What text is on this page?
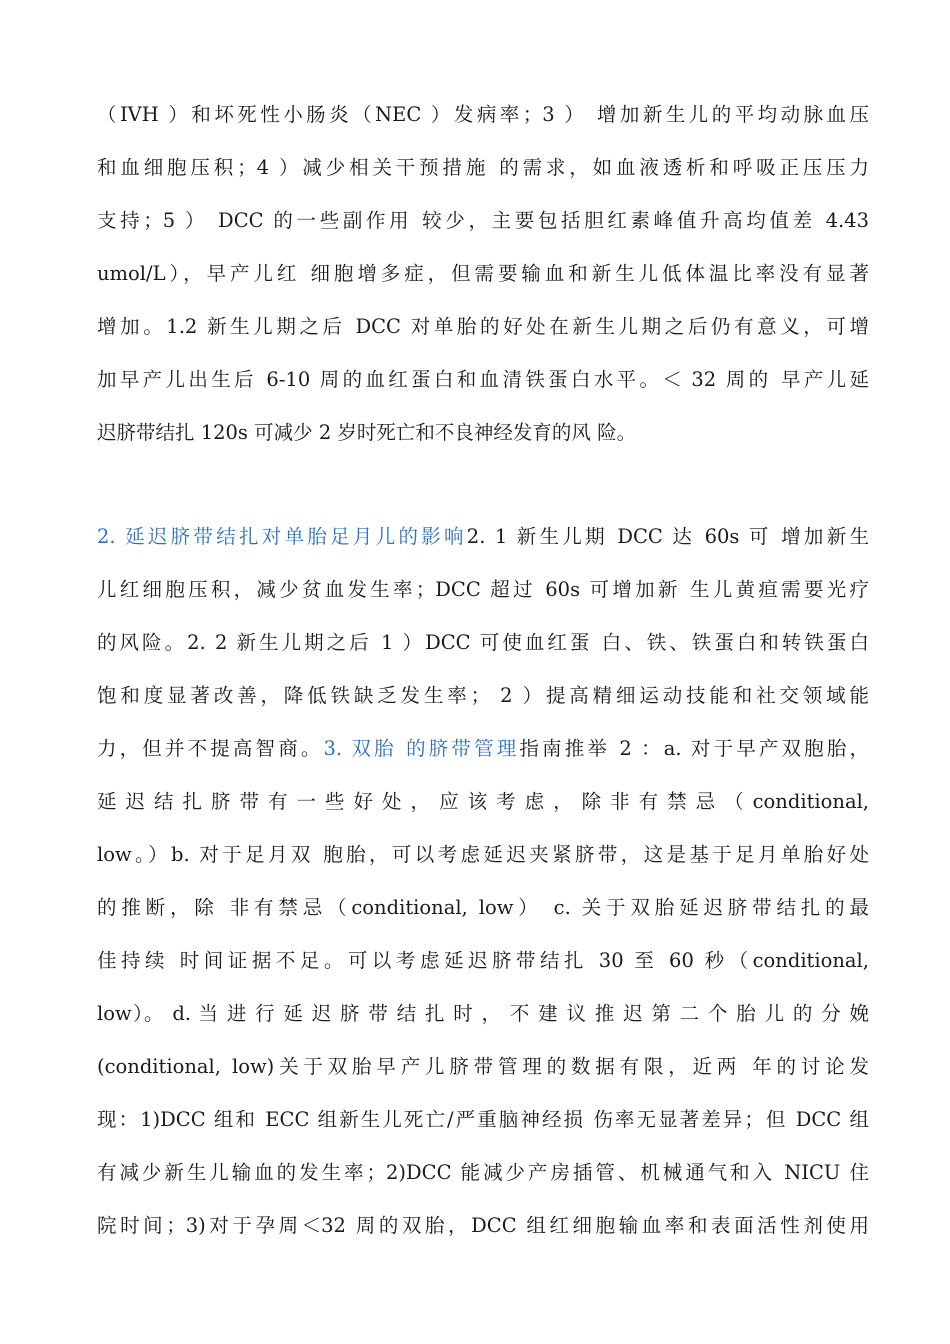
（IVH ）和坏死性小肠炎（NEC ）发病率；3 ） 增加新生儿的平均动脉血压
和血细胞压积；4 ）减少相关干预措施 的需求，如血液透析和呼吸正压压力
支持；5 ） DCC 的一些副作用 较少，主要包括胆红素峰值升高均值差 4.43
umol/L），早产儿红 细胞增多症，但需要输血和新生儿低体温比率没有显著
增加。1.2 新生儿期之后 DCC 对单胎的好处在新生儿期之后仍有意义，可增
加早产儿出生后 6-10 周的血红蛋白和血清铁蛋白水平。＜ 32 周的 早产儿延
迟脐带结扎 120s 可减少 2 岁时死亡和不良神经发育的风 险。
2. 延迟脐带结扎对单胎足月儿的影响2. 1 新生儿期 DCC 达 60s 可 增加新生
儿红细胞压积，减少贫血发生率；DCC 超过 60s 可增加新 生儿黄疸需要光疗
的风险。2. 2 新生儿期之后 1 ）DCC 可使血红蛋 白、铁、铁蛋白和转铁蛋白
饱和度显著改善，降低铁缺乏发生率； 2 ）提高精细运动技能和社交领域能
力，但并不提高智商。3. 双胎 的脐带管理指南推举 2 ：a. 对于早产双胞胎，
延 迟 结 扎 脐 带 有 一 些 好 处 ， 应 该 考 虑 ， 除 非 有 禁 忌 （ conditional,
low。）b. 对于足月双 胞胎，可以考虑延迟夹紧脐带，这是基于足月单胎好处
的推断，除 非有禁忌（conditional, low） c. 关于双胎延迟脐带结扎的最
佳持续 时间证据不足。可以考虑延迟脐带结扎 30 至 60 秒（conditional,
low）。 d. 当 进 行 延 迟 脐 带 结 扎 时 ， 不 建 议 推 迟 第 二 个 胎 儿 的 分 娩
(conditional, low)关于双胎早产儿脐带管理的数据有限，近两 年的讨论发
现：1)DCC 组和 ECC 组新生儿死亡/严重脑神经损 伤率无显著差异；但 DCC 组
有减少新生儿输血的发生率；2)DCC 能减少产房插管、机械通气和入 NICU 住
院时间；3)对于孕周＜32 周的双胎，DCC 组红细胞输血率和表面活性剂使用
